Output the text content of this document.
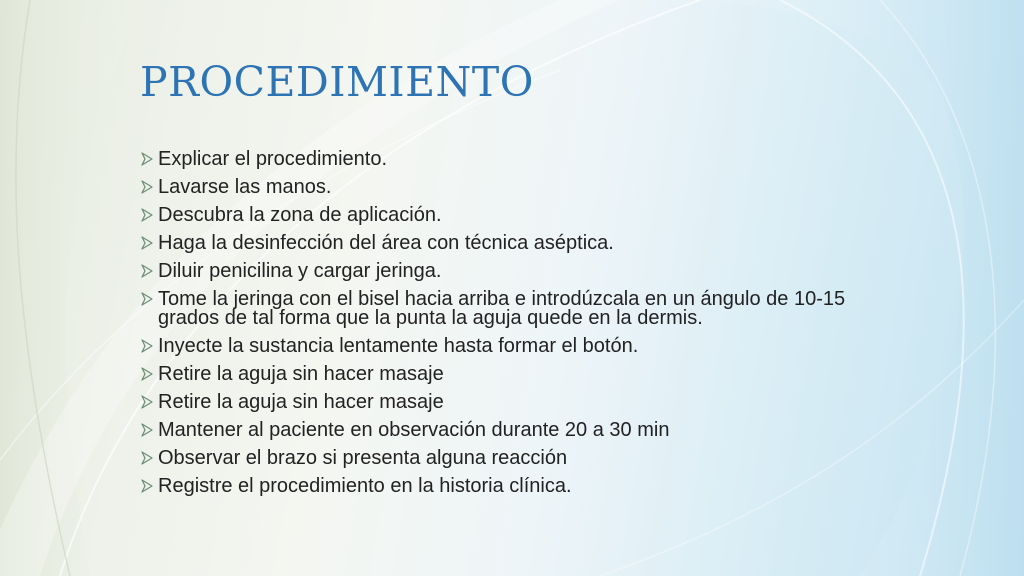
PROCEDIMIENTO
Explicar el procedimiento.
Lavarse las manos.
Descubra la zona de aplicación.
Haga la desinfección del área con técnica aséptica.
Diluir penicilina y cargar jeringa.
Tome la jeringa con el bisel hacia arriba e introdúzcala en un ángulo de 10-15 grados de tal forma que la punta la aguja quede en la dermis.
Inyecte la sustancia lentamente hasta formar el botón.
Retire la aguja sin hacer masaje
Retire la aguja sin hacer masaje
Mantener al paciente en observación durante 20 a 30 min
Observar el brazo si presenta alguna reacción
Registre el procedimiento en la historia clínica.
